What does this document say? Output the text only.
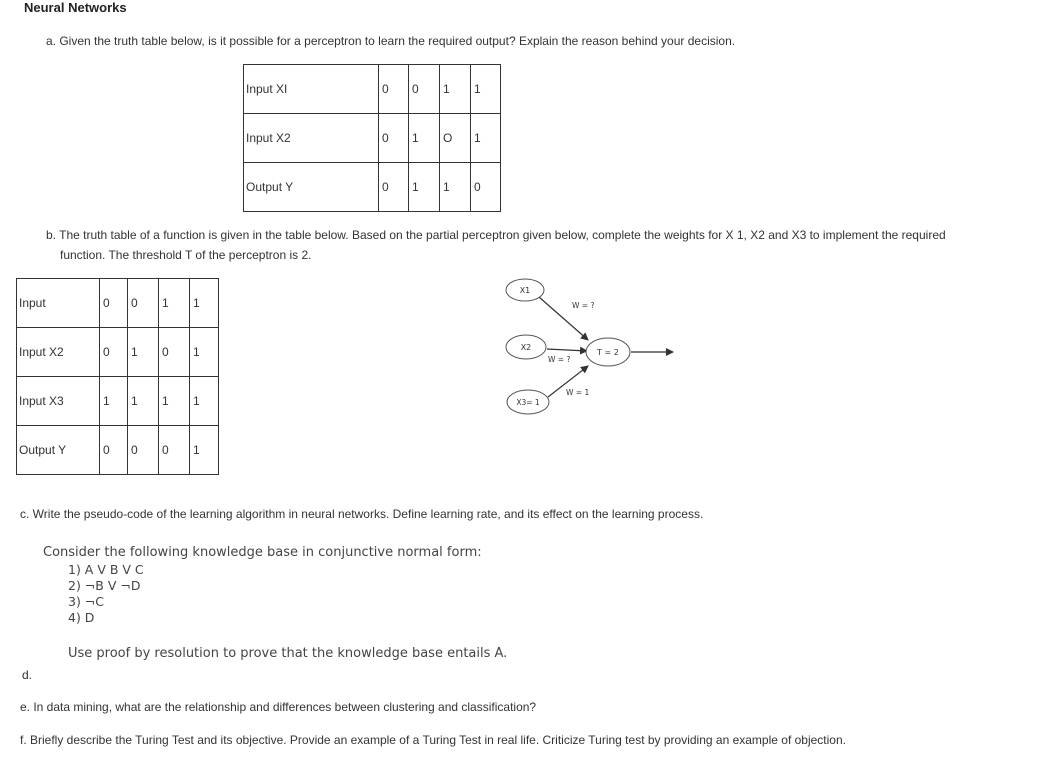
Neural Networks
a. Given the truth table below, is it possible for a perceptron to learn the required output? Explain the reason behind your decision.
Input XI	0	0	1	1
Input X2	0	1	O	1
Output Y	0	1	1	0
b. The truth table of a function is given in the table below. Based on the partial perceptron given below, complete the weights for X 1, X2 and X3 to implement the required
function. The threshold T of the perceptron is 2.
Input	0	0	1	1
Input X2	0	1	0	1
Input X3	1	1	1	1
Output Y	0	0	0	1
X1
X2
X3= 1
T = 2
W = ?
W = ?
W = 1
c. Write the pseudo-code of the learning algorithm in neural networks. Define learning rate, and its effect on the learning process.
Consider the following knowledge base in conjunctive normal form:
1) A V B V C
2) ¬B V ¬D
3) ¬C
4) D
Use proof by resolution to prove that the knowledge base entails A.
d.
e. In data mining, what are the relationship and differences between clustering and classification?
f. Briefly describe the Turing Test and its objective. Provide an example of a Turing Test in real life. Criticize Turing test by providing an example of objection.
